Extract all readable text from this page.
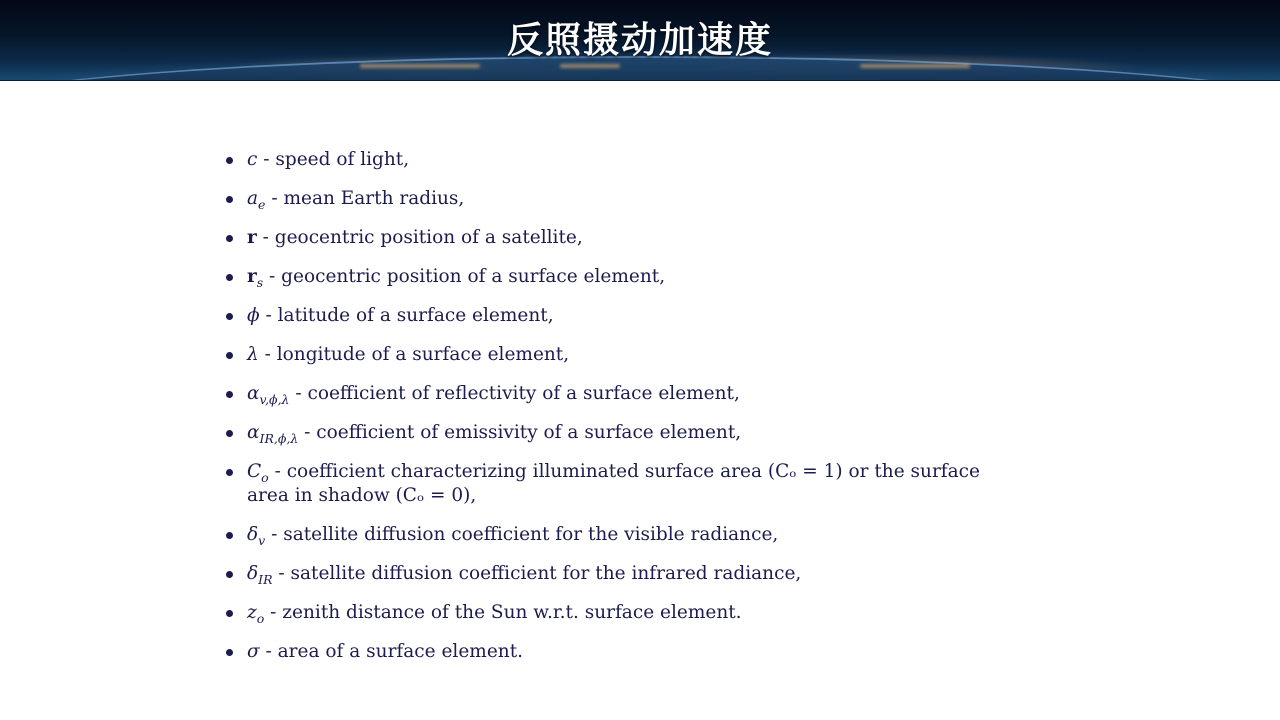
反照摄动加速度
c - speed of light,
$a_e$ - mean Earth radius,
r - geocentric position of a satellite,
$r_s$ - geocentric position of a surface element,
ϕ - latitude of a surface element,
λ - longitude of a surface element,
$\alpha_{v,\phi,\lambda}$ - coefficient of reflectivity of a surface element,
$\alpha_{IR,\phi,\lambda}$ - coefficient of emissivity of a surface element,
$C_o$ - coefficient characterizing illuminated surface area (Cₒ = 1) or the surface area in shadow (Cₒ = 0),
$\delta_v$ - satellite diffusion coefficient for the visible radiance,
$\delta_{IR}$ - satellite diffusion coefficient for the infrared radiance,
$z_o$ - zenith distance of the Sun w.r.t. surface element.
σ - area of a surface element.
